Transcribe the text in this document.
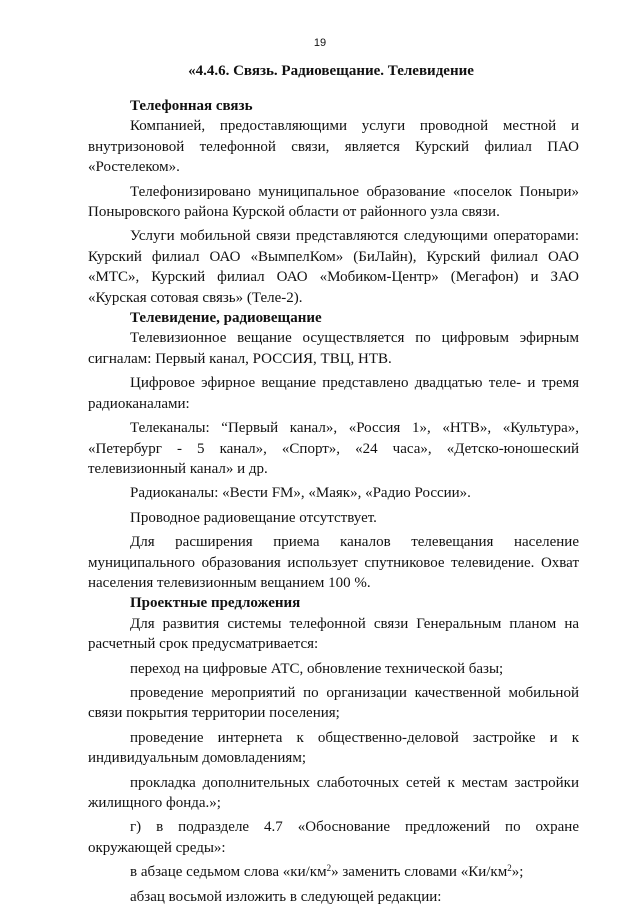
19

«4.4.6. Связь. Радиовещание. Телевидение
Телефонная связь

Компанией, предоставляющими услуги проводной местной и внутризоновой телефонной связи, является Курский филиал ПАО «Ростелеком».

Телефонизировано муниципальное образование «поселок Поныри» Поныровского района Курской области от районного узла связи.

Услуги мобильной связи представляются следующими операторами: Курский филиал ОАО «ВымпелКом» (БиЛайн), Курский филиал ОАО «МТС», Курский филиал ОАО «Мобиком-Центр» (Мегафон) и ЗАО «Курская сотовая связь» (Теле-2).

Телевидение, радиовещание

Телевизионное вещание осуществляется по цифровым эфирным сигналам: Первый канал, РОССИЯ, ТВЦ, НТВ.

Цифровое эфирное вещание представлено двадцатью теле- и тремя радиоканалами:

Телеканалы: “Первый канал», «Россия 1», «НТВ», «Культура», «Петербург - 5 канал», «Спорт», «24 часа», «Детско-юношеский телевизионный канал» и др.

Радиоканалы: «Вести FM», «Маяк», «Радио России».

Проводное радиовещание отсутствует.

Для расширения приема каналов телевещания население муниципального образования использует спутниковое телевидение. Охват населения телевизионным вещанием 100 %.

Проектные предложения

Для развития системы телефонной связи Генеральным планом на расчетный срок предусматривается:

переход на цифровые АТС, обновление технической базы;

проведение мероприятий по организации качественной мобильной связи покрытия территории поселения;

проведение интернета к общественно-деловой застройке и к индивидуальным домовладениям;

прокладка дополнительных слаботочных сетей к местам застройки жилищного фонда.»;

г) в подразделе 4.7 «Обоснование предложений по охране окружающей среды»:

в абзаце седьмом слова «$ки/км^2$» заменить словами «$Ки/км^2$»;

абзац восьмой изложить в следующей редакции:
